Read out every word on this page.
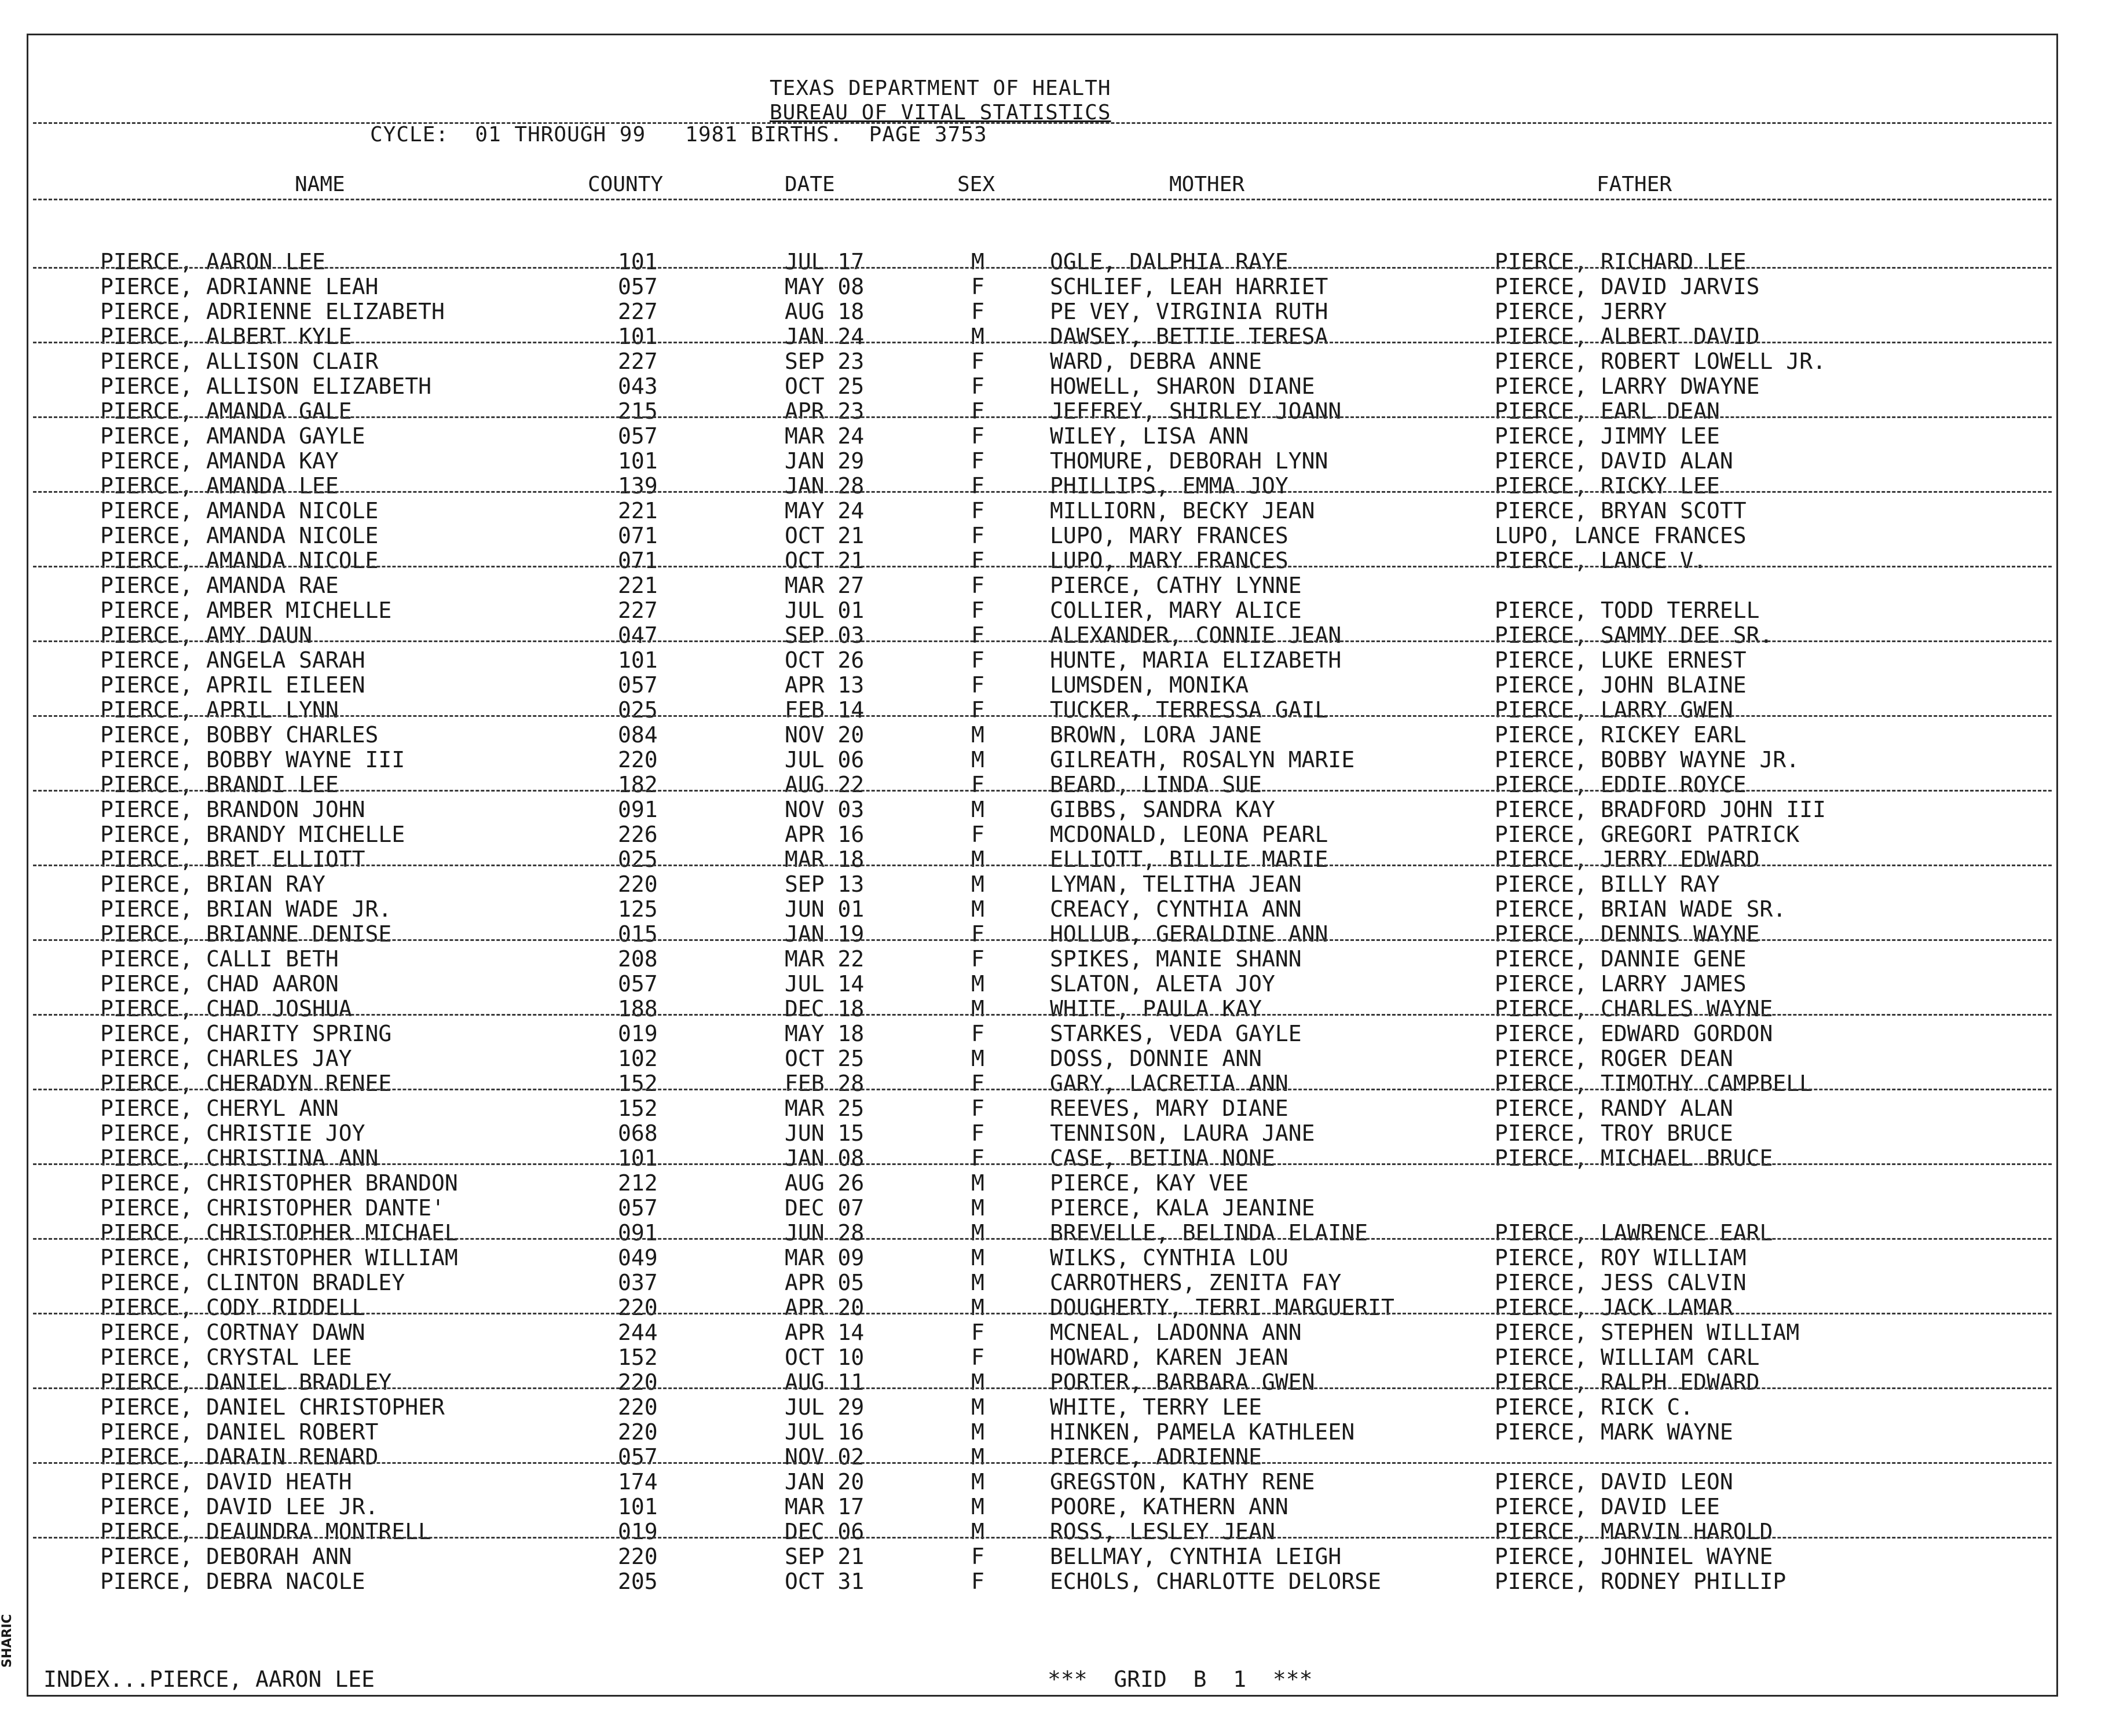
TEXAS DEPARTMENT OF HEALTH
BUREAU OF VITAL STATISTICS
CYCLE:  01 THROUGH 99   1981 BIRTHS.  PAGE 3753
NAME	COUNTY	DATE	SEX	MOTHER	FATHER
PIERCE, AARON LEE	101	JUL 17	M	OGLE, DALPHIA RAYE	PIERCE, RICHARD LEE
PIERCE, ADRIANNE LEAH	057	MAY 08	F	SCHLIEF, LEAH HARRIET	PIERCE, DAVID JARVIS
PIERCE, ADRIENNE ELIZABETH	227	AUG 18	F	PE VEY, VIRGINIA RUTH	PIERCE, JERRY
PIERCE, ALBERT KYLE	101	JAN 24	M	DAWSEY, BETTIE TERESA	PIERCE, ALBERT DAVID
PIERCE, ALLISON CLAIR	227	SEP 23	F	WARD, DEBRA ANNE	PIERCE, ROBERT LOWELL JR.
PIERCE, ALLISON ELIZABETH	043	OCT 25	F	HOWELL, SHARON DIANE	PIERCE, LARRY DWAYNE
PIERCE, AMANDA GALE	215	APR 23	F	JEFFREY, SHIRLEY JOANN	PIERCE, EARL DEAN
PIERCE, AMANDA GAYLE	057	MAR 24	F	WILEY, LISA ANN	PIERCE, JIMMY LEE
PIERCE, AMANDA KAY	101	JAN 29	F	THOMURE, DEBORAH LYNN	PIERCE, DAVID ALAN
PIERCE, AMANDA LEE	139	JAN 28	F	PHILLIPS, EMMA JOY	PIERCE, RICKY LEE
PIERCE, AMANDA NICOLE	221	MAY 24	F	MILLIORN, BECKY JEAN	PIERCE, BRYAN SCOTT
PIERCE, AMANDA NICOLE	071	OCT 21	F	LUPO, MARY FRANCES	LUPO, LANCE FRANCES
PIERCE, AMANDA NICOLE	071	OCT 21	F	LUPO, MARY FRANCES	PIERCE, LANCE V.
PIERCE, AMANDA RAE	221	MAR 27	F	PIERCE, CATHY LYNNE
PIERCE, AMBER MICHELLE	227	JUL 01	F	COLLIER, MARY ALICE	PIERCE, TODD TERRELL
PIERCE, AMY DAUN	047	SEP 03	F	ALEXANDER, CONNIE JEAN	PIERCE, SAMMY DEE SR.
PIERCE, ANGELA SARAH	101	OCT 26	F	HUNTE, MARIA ELIZABETH	PIERCE, LUKE ERNEST
PIERCE, APRIL EILEEN	057	APR 13	F	LUMSDEN, MONIKA	PIERCE, JOHN BLAINE
PIERCE, APRIL LYNN	025	FEB 14	F	TUCKER, TERRESSA GAIL	PIERCE, LARRY GWEN
PIERCE, BOBBY CHARLES	084	NOV 20	M	BROWN, LORA JANE	PIERCE, RICKEY EARL
PIERCE, BOBBY WAYNE III	220	JUL 06	M	GILREATH, ROSALYN MARIE	PIERCE, BOBBY WAYNE JR.
PIERCE, BRANDI LEE	182	AUG 22	F	BEARD, LINDA SUE	PIERCE, EDDIE ROYCE
PIERCE, BRANDON JOHN	091	NOV 03	M	GIBBS, SANDRA KAY	PIERCE, BRADFORD JOHN III
PIERCE, BRANDY MICHELLE	226	APR 16	F	MCDONALD, LEONA PEARL	PIERCE, GREGORI PATRICK
PIERCE, BRET ELLIOTT	025	MAR 18	M	ELLIOTT, BILLIE MARIE	PIERCE, JERRY EDWARD
PIERCE, BRIAN RAY	220	SEP 13	M	LYMAN, TELITHA JEAN	PIERCE, BILLY RAY
PIERCE, BRIAN WADE JR.	125	JUN 01	M	CREACY, CYNTHIA ANN	PIERCE, BRIAN WADE SR.
PIERCE, BRIANNE DENISE	015	JAN 19	F	HOLLUB, GERALDINE ANN	PIERCE, DENNIS WAYNE
PIERCE, CALLI BETH	208	MAR 22	F	SPIKES, MANIE SHANN	PIERCE, DANNIE GENE
PIERCE, CHAD AARON	057	JUL 14	M	SLATON, ALETA JOY	PIERCE, LARRY JAMES
PIERCE, CHAD JOSHUA	188	DEC 18	M	WHITE, PAULA KAY	PIERCE, CHARLES WAYNE
PIERCE, CHARITY SPRING	019	MAY 18	F	STARKES, VEDA GAYLE	PIERCE, EDWARD GORDON
PIERCE, CHARLES JAY	102	OCT 25	M	DOSS, DONNIE ANN	PIERCE, ROGER DEAN
PIERCE, CHERADYN RENEE	152	FEB 28	F	GARY, LACRETIA ANN	PIERCE, TIMOTHY CAMPBELL
PIERCE, CHERYL ANN	152	MAR 25	F	REEVES, MARY DIANE	PIERCE, RANDY ALAN
PIERCE, CHRISTIE JOY	068	JUN 15	F	TENNISON, LAURA JANE	PIERCE, TROY BRUCE
PIERCE, CHRISTINA ANN	101	JAN 08	F	CASE, BETINA NONE	PIERCE, MICHAEL BRUCE
PIERCE, CHRISTOPHER BRANDON	212	AUG 26	M	PIERCE, KAY VEE
PIERCE, CHRISTOPHER DANTE'	057	DEC 07	M	PIERCE, KALA JEANINE
PIERCE, CHRISTOPHER MICHAEL	091	JUN 28	M	BREVELLE, BELINDA ELAINE	PIERCE, LAWRENCE EARL
PIERCE, CHRISTOPHER WILLIAM	049	MAR 09	M	WILKS, CYNTHIA LOU	PIERCE, ROY WILLIAM
PIERCE, CLINTON BRADLEY	037	APR 05	M	CARROTHERS, ZENITA FAY	PIERCE, JESS CALVIN
PIERCE, CODY RIDDELL	220	APR 20	M	DOUGHERTY, TERRI MARGUERIT	PIERCE, JACK LAMAR
PIERCE, CORTNAY DAWN	244	APR 14	F	MCNEAL, LADONNA ANN	PIERCE, STEPHEN WILLIAM
PIERCE, CRYSTAL LEE	152	OCT 10	F	HOWARD, KAREN JEAN	PIERCE, WILLIAM CARL
PIERCE, DANIEL BRADLEY	220	AUG 11	M	PORTER, BARBARA GWEN	PIERCE, RALPH EDWARD
PIERCE, DANIEL CHRISTOPHER	220	JUL 29	M	WHITE, TERRY LEE	PIERCE, RICK C.
PIERCE, DANIEL ROBERT	220	JUL 16	M	HINKEN, PAMELA KATHLEEN	PIERCE, MARK WAYNE
PIERCE, DARAIN RENARD	057	NOV 02	M	PIERCE, ADRIENNE
PIERCE, DAVID HEATH	174	JAN 20	M	GREGSTON, KATHY RENE	PIERCE, DAVID LEON
PIERCE, DAVID LEE JR.	101	MAR 17	M	POORE, KATHERN ANN	PIERCE, DAVID LEE
PIERCE, DEAUNDRA MONTRELL	019	DEC 06	M	ROSS, LESLEY JEAN	PIERCE, MARVIN HAROLD
PIERCE, DEBORAH ANN	220	SEP 21	F	BELLMAY, CYNTHIA LEIGH	PIERCE, JOHNIEL WAYNE
PIERCE, DEBRA NACOLE	205	OCT 31	F	ECHOLS, CHARLOTTE DELORSE	PIERCE, RODNEY PHILLIP
INDEX...PIERCE, AARON LEE	***  GRID  B  1  ***
SHARIC
